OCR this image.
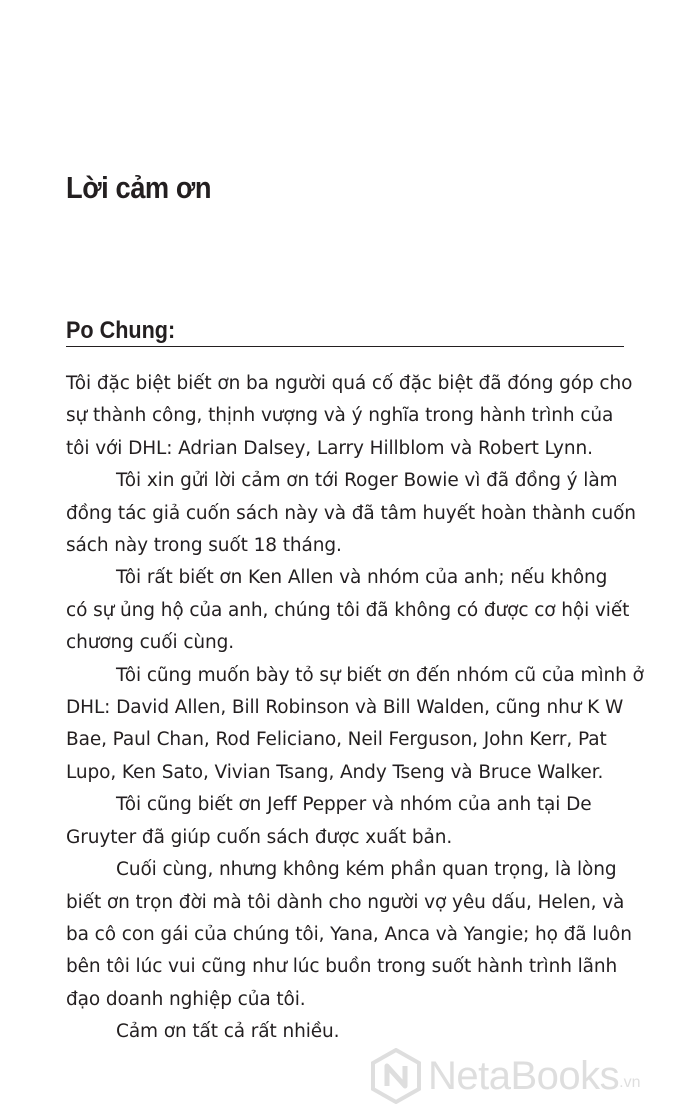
Lời cảm ơn
Po Chung:
Tôi đặc biệt biết ơn ba người quá cố đặc biệt đã đóng góp cho
sự thành công, thịnh vượng và ý nghĩa trong hành trình của
tôi với DHL: Adrian Dalsey, Larry Hillblom và Robert Lynn.
Tôi xin gửi lời cảm ơn tới Roger Bowie vì đã đồng ý làm
đồng tác giả cuốn sách này và đã tâm huyết hoàn thành cuốn
sách này trong suốt 18 tháng.
Tôi rất biết ơn Ken Allen và nhóm của anh; nếu không
có sự ủng hộ của anh, chúng tôi đã không có được cơ hội viết
chương cuối cùng.
Tôi cũng muốn bày tỏ sự biết ơn đến nhóm cũ của mình ở
DHL: David Allen, Bill Robinson và Bill Walden, cũng như K W
Bae, Paul Chan, Rod Feliciano, Neil Ferguson, John Kerr, Pat
Lupo, Ken Sato, Vivian Tsang, Andy Tseng và Bruce Walker.
Tôi cũng biết ơn Jeff Pepper và nhóm của anh tại De
Gruyter đã giúp cuốn sách được xuất bản.
Cuối cùng, nhưng không kém phần quan trọng, là lòng
biết ơn trọn đời mà tôi dành cho người vợ yêu dấu, Helen, và
ba cô con gái của chúng tôi, Yana, Anca và Yangie; họ đã luôn
bên tôi lúc vui cũng như lúc buồn trong suốt hành trình lãnh
đạo doanh nghiệp của tôi.
Cảm ơn tất cả rất nhiều.
NetaBooks .vn
